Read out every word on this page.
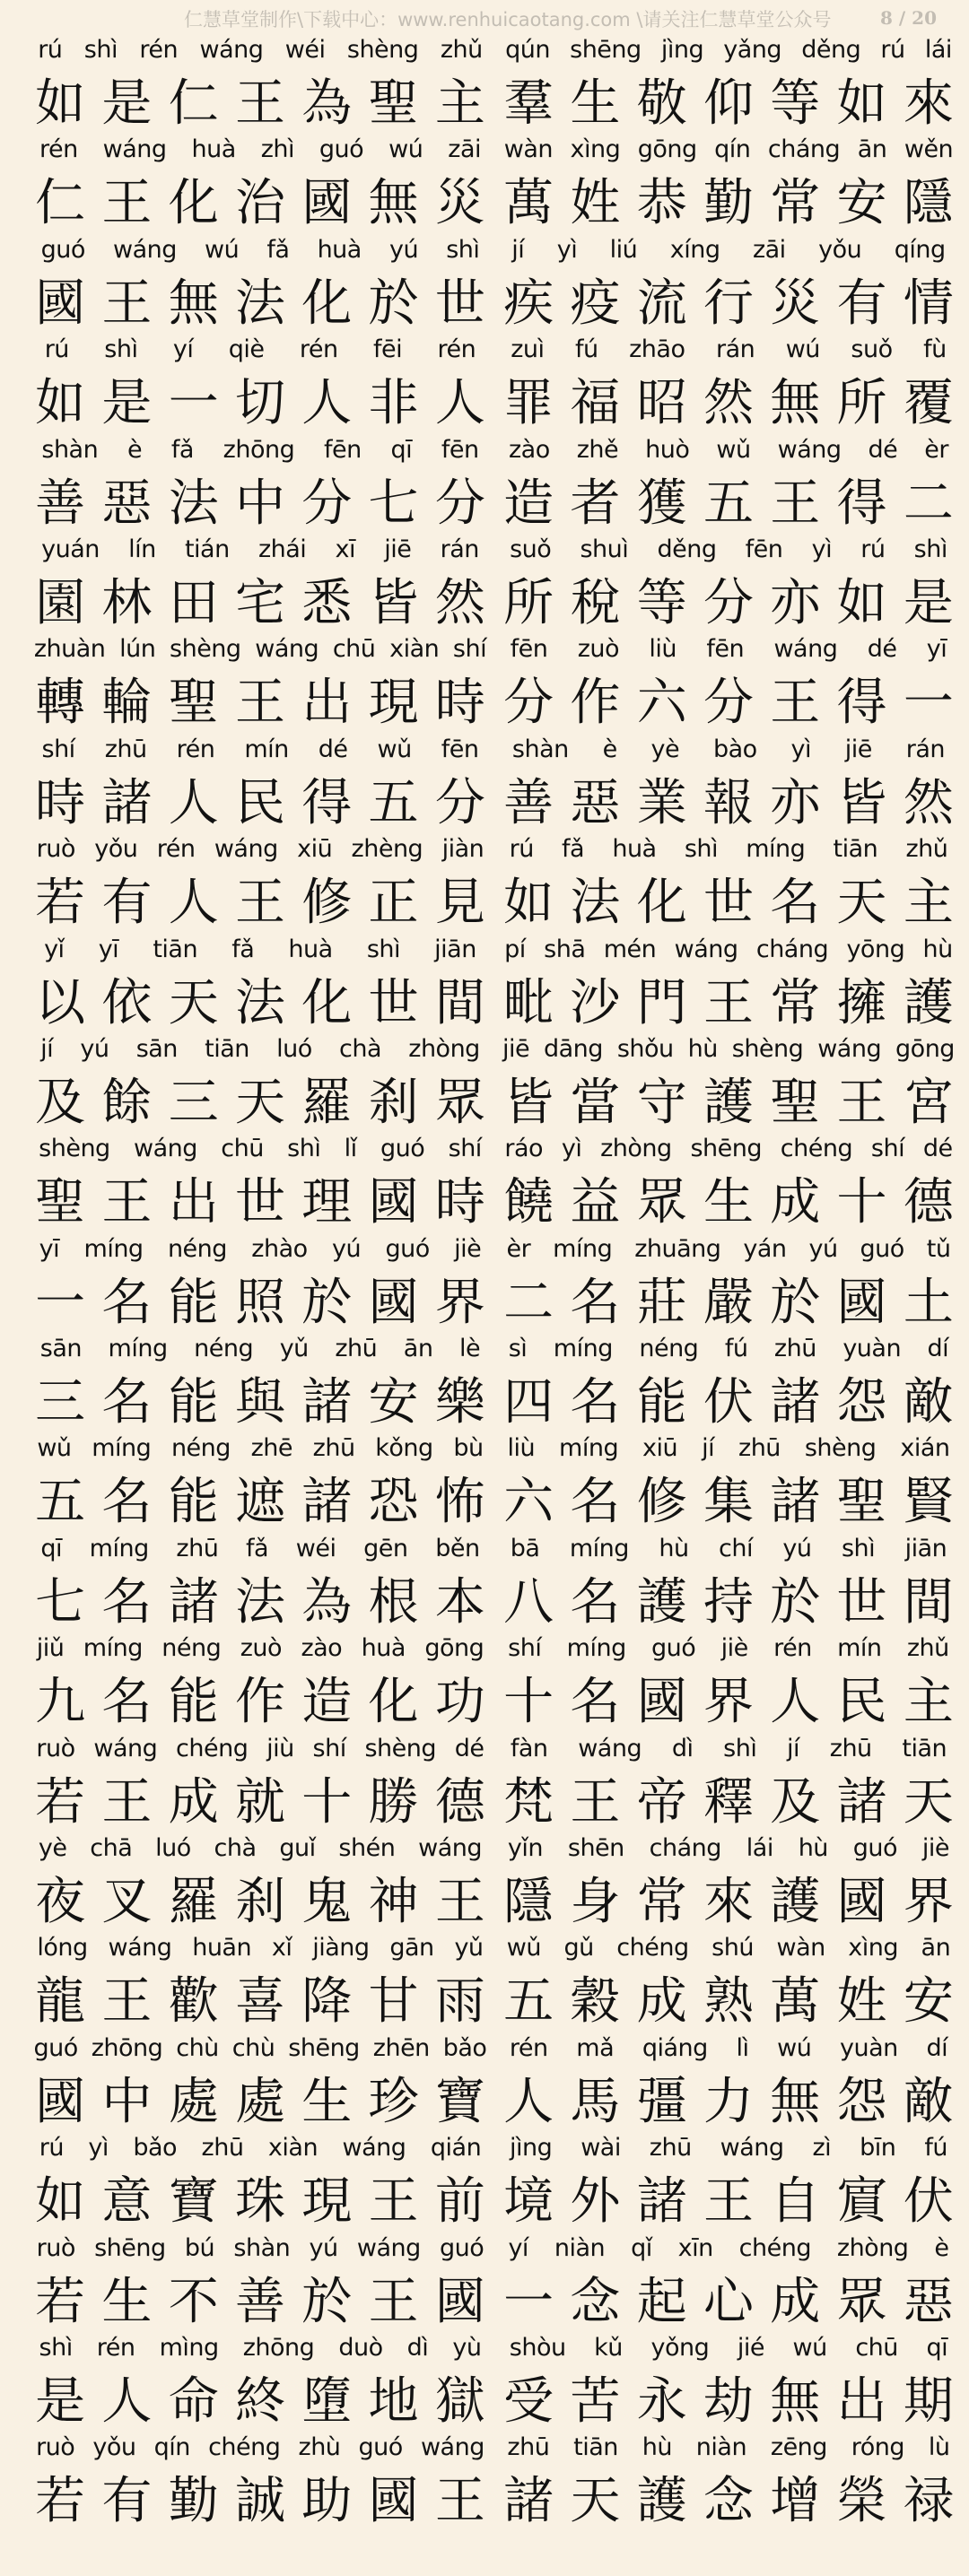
仁慧草堂制作\下载中心：www.renhuicaotang.com \请关注仁慧草堂公众号	8 / 20
rú shì rén wáng wéi shèng zhǔ
如 是 仁 王 為 聖 主
rén wáng huà zhì guó wú zāi
仁 王 化 治 國 無 災
guó wáng wú fǎ huà yú shì
國 王 無 法 化 於 世
rú shì yí qiè rén fēi rén
如 是 一 切 人 非 人
shàn è fǎ zhōng fēn qī fēn
善 惡 法 中 分 七 分
yuán lín tián zhái xī jiē rán
園 林 田 宅 悉 皆 然
zhuàn lún shèng wáng chū xiàn shí
轉 輪 聖 王 出 現 時
shí zhū rén mín dé wǔ fēn
時 諸 人 民 得 五 分
ruò yǒu rén wáng xiū zhèng jiàn
若 有 人 王 修 正 見
yǐ yī tiān fǎ huà shì jiān
以 依 天 法 化 世 間
jí yú sān tiān luó chà zhòng
及 餘 三 天 羅 刹 眾
shèng wáng chū shì lǐ guó shí
聖 王 出 世 理 國 時
yī míng néng zhào yú guó jiè
一 名 能 照 於 國 界
sān míng néng yǔ zhū ān lè
三 名 能 與 諸 安 樂
wǔ míng néng zhē zhū kǒng bù
五 名 能 遮 諸 恐 怖
qī míng zhū fǎ wéi gēn běn
七 名 諸 法 為 根 本
jiǔ míng néng zuò zào huà gōng
九 名 能 作 造 化 功
ruò wáng chéng jiù shí shèng dé
若 王 成 就 十 勝 德
yè chā luó chà guǐ shén wáng
夜 叉 羅 刹 鬼 神 王
lóng wáng huān xǐ jiàng gān yǔ
龍 王 歡 喜 降 甘 雨
guó zhōng chù chù shēng zhēn bǎo
國 中 處 處 生 珍 寶
rú yì bǎo zhū xiàn wáng qián
如 意 寶 珠 現 王 前
ruò shēng bú shàn yú wáng guó
若 生 不 善 於 王 國
shì rén mìng zhōng duò dì yù
是 人 命 終 墮 地 獄
ruò yǒu qín chéng zhù guó wáng
若 有 勤 誠 助 國 王
qún shēng jìng yǎng děng rú lái
羣 生 敬 仰 等 如 來
wàn xìng gōng qín cháng ān wěn
萬 姓 恭 勤 常 安 隱
jí yì liú xíng zāi yǒu qíng
疾 疫 流 行 災 有 情
zuì fú zhāo rán wú suǒ fù
罪 福 昭 然 無 所 覆
zào zhě huò wǔ wáng dé èr
造 者 獲 五 王 得 二
suǒ shuì děng fēn yì rú shì
所 稅 等 分 亦 如 是
fēn zuò liù fēn wáng dé yī
分 作 六 分 王 得 一
shàn è yè bào yì jiē rán
善 惡 業 報 亦 皆 然
rú fǎ huà shì míng tiān zhǔ
如 法 化 世 名 天 主
pí shā mén wáng cháng yōng hù
毗 沙 門 王 常 擁 護
jiē dāng shǒu hù shèng wáng gōng
皆 當 守 護 聖 王 宮
ráo yì zhòng shēng chéng shí dé
饒 益 眾 生 成 十 德
èr míng zhuāng yán yú guó tǔ
二 名 莊 嚴 於 國 土
sì míng néng fú zhū yuàn dí
四 名 能 伏 諸 怨 敵
liù míng xiū jí zhū shèng xián
六 名 修 集 諸 聖 賢
bā míng hù chí yú shì jiān
八 名 護 持 於 世 間
shí míng guó jiè rén mín zhǔ
十 名 國 界 人 民 主
fàn wáng dì shì jí zhū tiān
梵 王 帝 釋 及 諸 天
yǐn shēn cháng lái hù guó jiè
隱 身 常 來 護 國 界
wǔ gǔ chéng shú wàn xìng ān
五 穀 成 熟 萬 姓 安
rén mǎ qiáng lì wú yuàn dí
人 馬 彊 力 無 怨 敵
jìng wài zhū wáng zì bīn fú
境 外 諸 王 自 賔 伏
yí niàn qǐ xīn chéng zhòng è
一 念 起 心 成 眾 惡
shòu kǔ yǒng jié wú chū qī
受 苦 永 劫 無 出 期
zhū tiān hù niàn zēng róng lù
諸 天 護 念 增 榮 禄
